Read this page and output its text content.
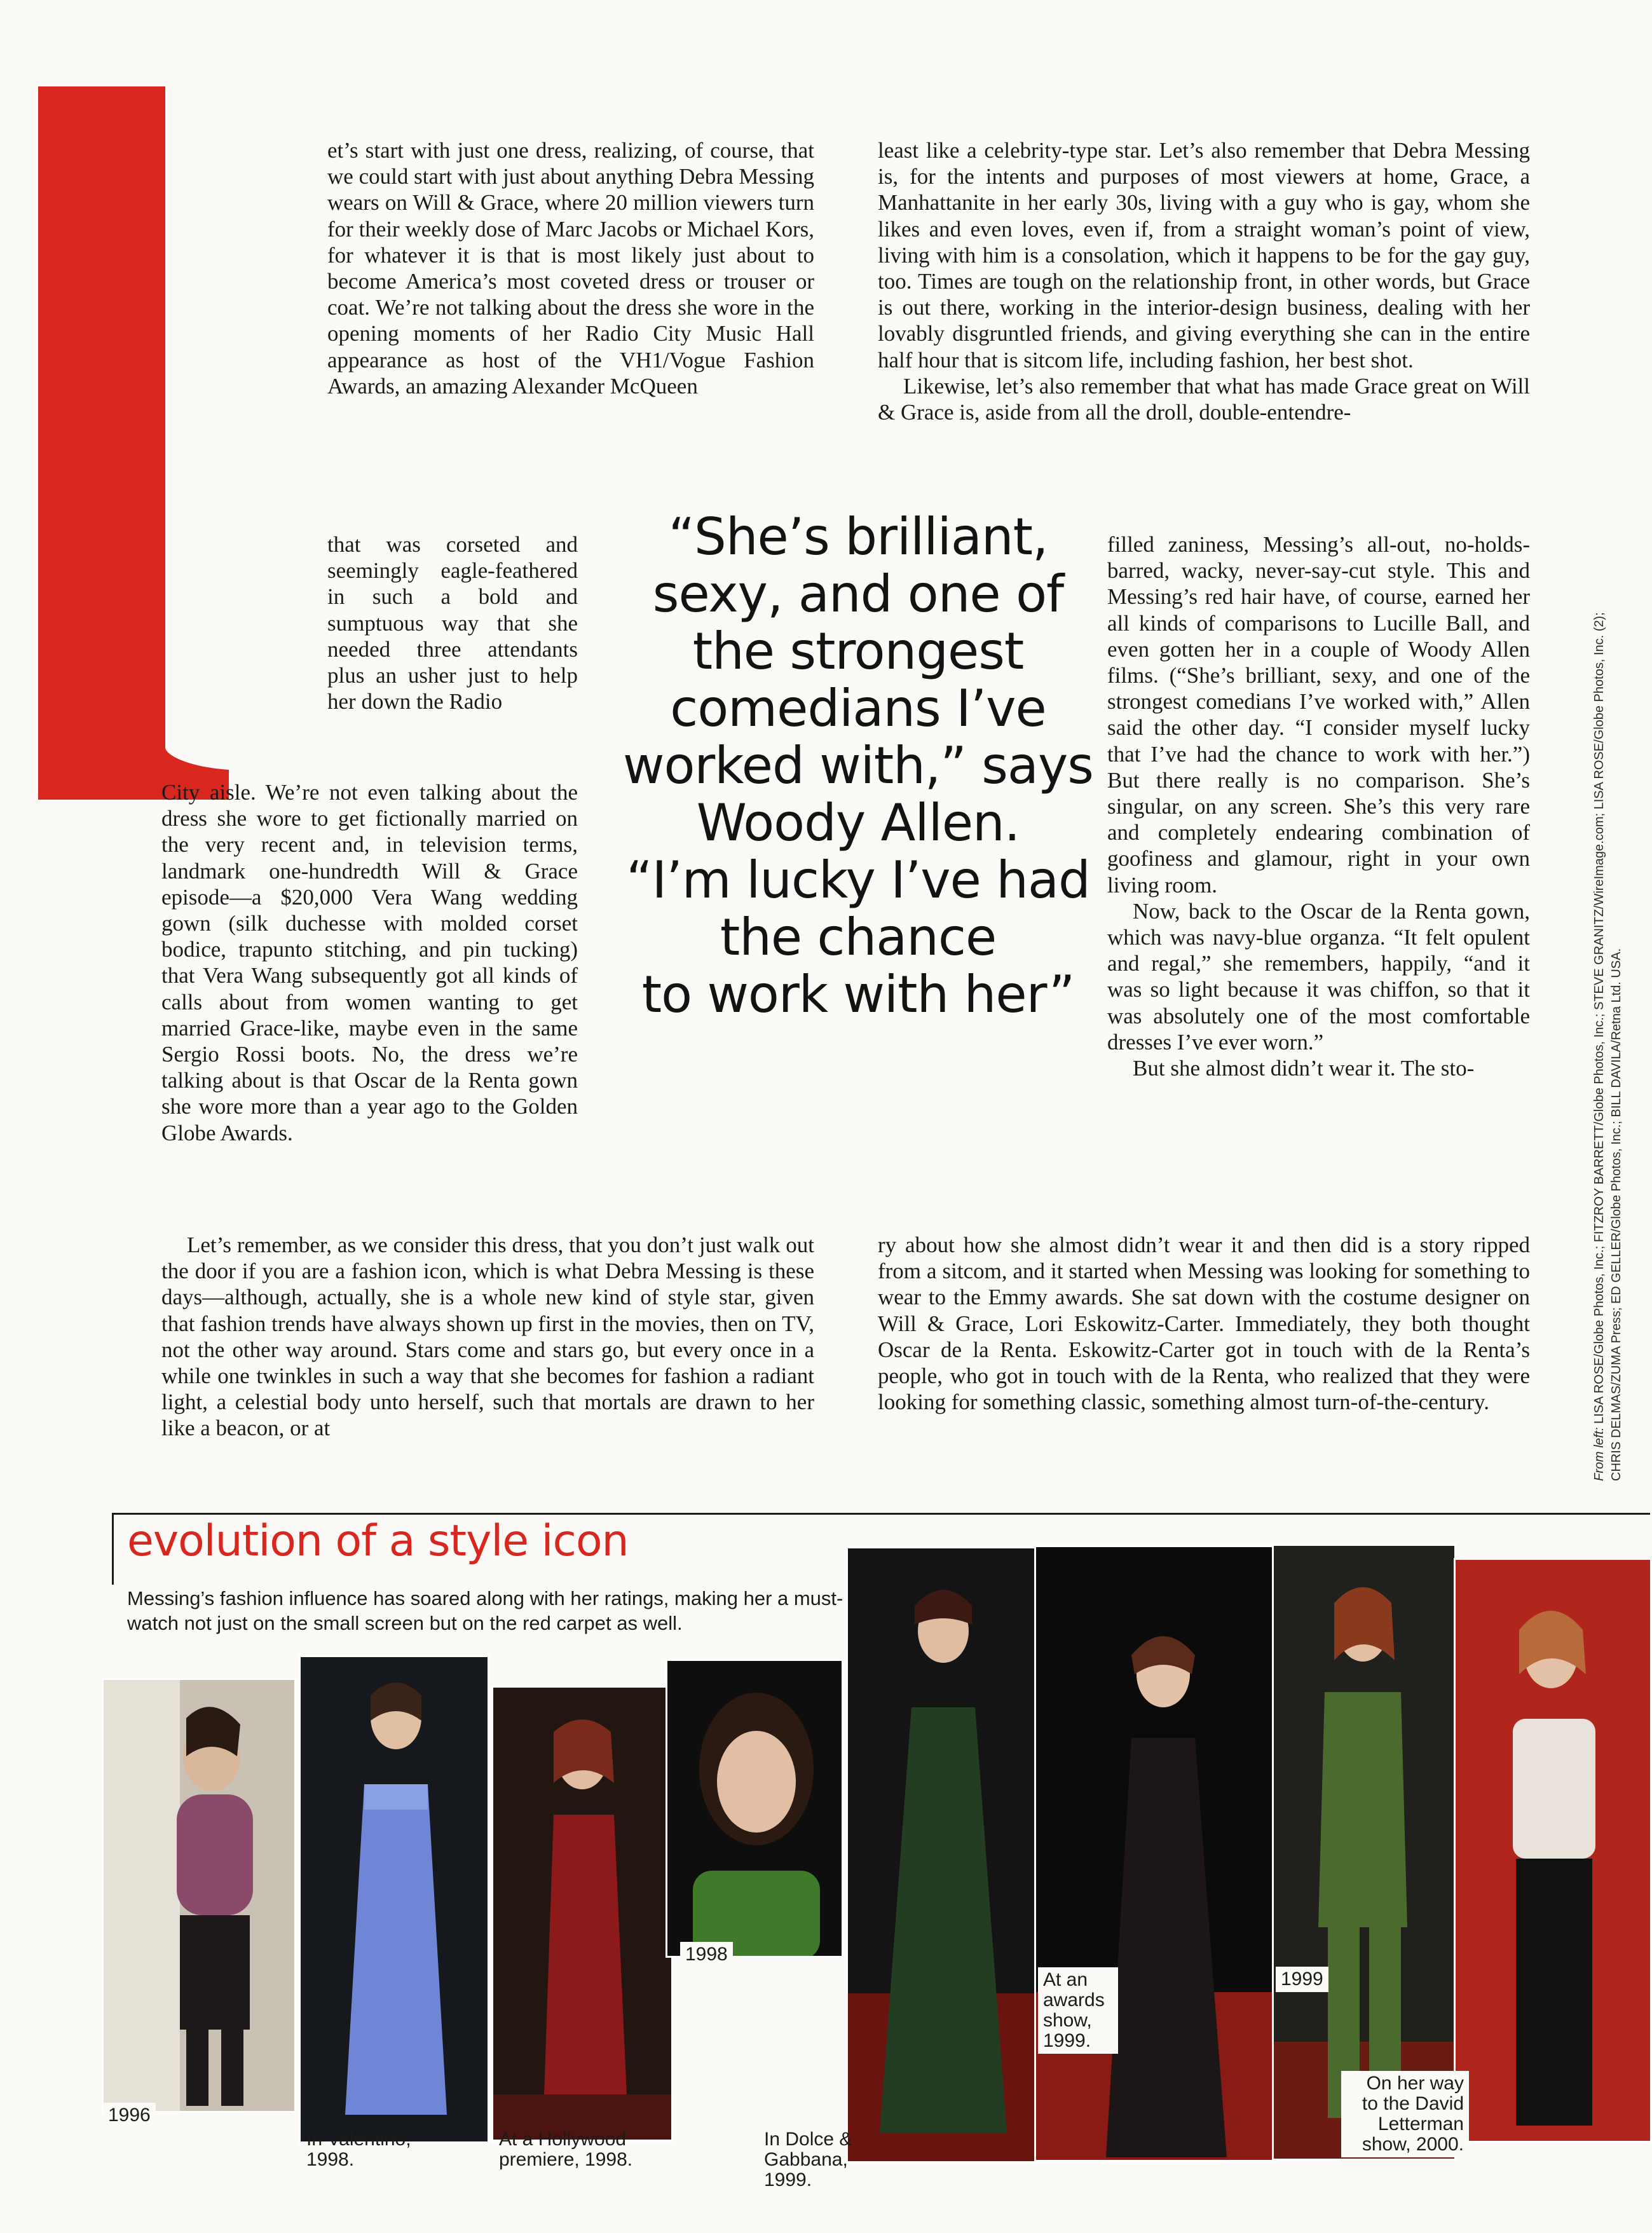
et’s start with just one dress, realizing, of course, that we could start with just about anything Debra Messing wears on Will & Grace, where 20 million viewers turn for their weekly dose of Marc Jacobs or Michael Kors, for whatever it is that is most likely just about to become America’s most coveted dress or trouser or coat. We’re not talking about the dress she wore in the opening moments of her Radio City Music Hall appearance as host of the VH1/Vogue Fashion Awards, an amazing Alexander McQueen

that was corseted and seemingly eagle-feathered in such a bold and sumptuous way that she needed three attendants plus an usher just to help her down the Radio

City aisle. We’re not even talking about the dress she wore to get fictionally married on the very recent and, in television terms, landmark one-hundredth Will & Grace episode—a $20,000 Vera Wang wedding gown (silk duchesse with molded corset bodice, trapunto stitching, and pin tucking) that Vera Wang subsequently got all kinds of calls about from women wanting to get married Grace-like, maybe even in the same Sergio Rossi boots. No, the dress we’re talking about is that Oscar de la Renta gown she wore more than a year ago to the Golden Globe Awards.

Let’s remember, as we consider this dress, that you don’t just walk out the door if you are a fashion icon, which is what Debra Messing is these days—although, actually, she is a whole new kind of style star, given that fashion trends have always shown up first in the movies, then on TV, not the other way around. Stars come and stars go, but every once in a while one twinkles in such a way that she becomes for fashion a radiant light, a celestial body unto herself, such that mortals are drawn to her like a beacon, or at

least like a celebrity-type star. Let’s also remember that Debra Messing is, for the intents and purposes of most viewers at home, Grace, a Manhattanite in her early 30s, living with a guy who is gay, whom she likes and even loves, even if, from a straight woman’s point of view, living with him is a consolation, which it happens to be for the gay guy, too. Times are tough on the relationship front, in other words, but Grace is out there, working in the interior-design business, dealing with her lovably disgruntled friends, and giving everything she can in the entire half hour that is sitcom life, including fashion, her best shot.

Likewise, let’s also remember that what has made Grace great on Will & Grace is, aside from all the droll, double-entendre-

filled zaniness, Messing’s all-out, no-holds-barred, wacky, never-say-cut style. This and Messing’s red hair have, of course, earned her all kinds of comparisons to Lucille Ball, and even gotten her in a couple of Woody Allen films. (“She’s brilliant, sexy, and one of the strongest comedians I’ve worked with,” Allen said the other day. “I consider myself lucky that I’ve had the chance to work with her.”) But there really is no comparison. She’s singular, on any screen. She’s this very rare and completely endearing combination of goofiness and glamour, right in your own living room.

Now, back to the Oscar de la Renta gown, which was navy-blue organza. “It felt opulent and regal,” she remembers, happily, “and it was so light because it was chiffon, so that it was absolutely one of the most comfortable dresses I’ve ever worn.”

But she almost didn’t wear it. The sto-

ry about how she almost didn’t wear it and then did is a story ripped from a sitcom, and it started when Messing was looking for something to wear to the Emmy awards. She sat down with the costume designer on Will & Grace, Lori Eskowitz-Carter. Immediately, they both thought Oscar de la Renta. Eskowitz-Carter got in touch with de la Renta’s people, who got in touch with de la Renta, who realized that they were looking for something classic, something almost turn-of-the-century.

“She’s brilliant,
sexy, and one of
the strongest
comedians I’ve
worked with,” says
Woody Allen.
“I’m lucky I’ve had
the chance
to work with her”
From left: LISA ROSE/Globe Photos, Inc.; FITZROY BARRETT/Globe Photos, Inc.; STEVE GRANITZ/WireImage.com; LISA ROSE/Globe Photos, Inc. (2); CHRIS DELMAS/ZUMA Press; ED GELLER/Globe Photos, Inc.; BILL DAVILA/Retna Ltd. USA.
evolution of a style icon
Messing’s fashion influence has soared along with her ratings, making her a must-watch not just on the small screen but on the red carpet as well.
1996
In Valentino, 1998.
At a Hollywood premiere, 1998.
1998
In Dolce & Gabbana, 1999.
At an awards show, 1999.
1999
On her way to the David Letterman show, 2000.
